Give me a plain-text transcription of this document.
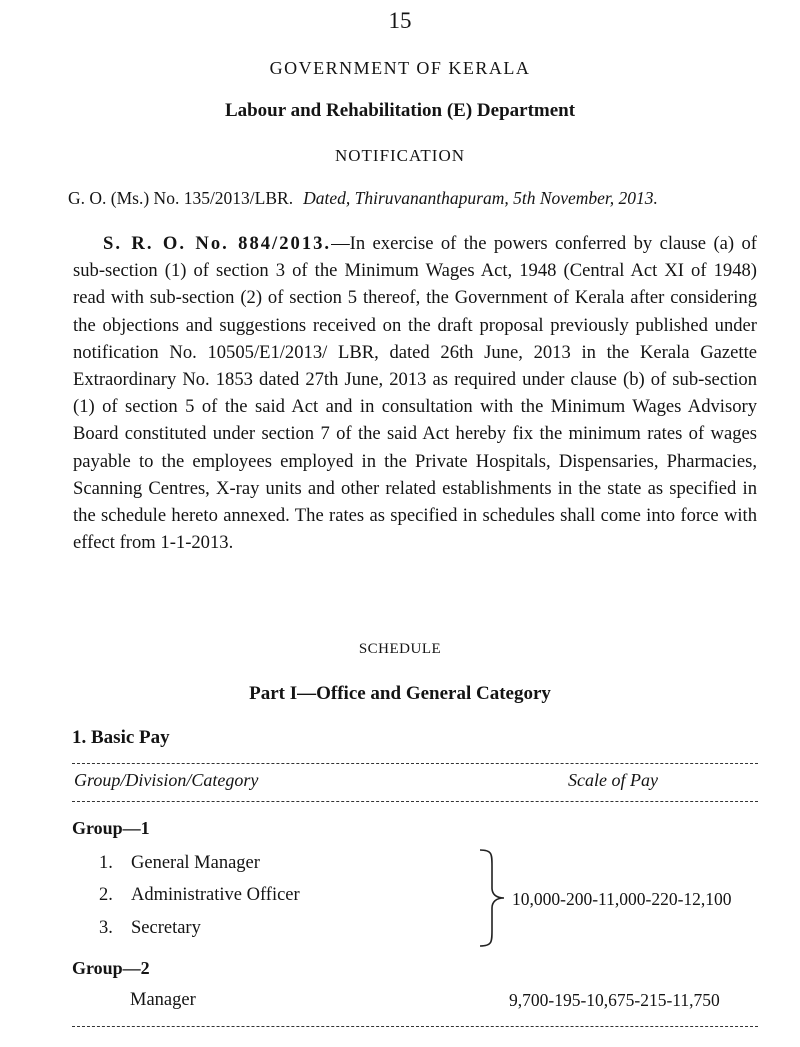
15
GOVERNMENT OF KERALA
Labour and Rehabilitation (E) Department
NOTIFICATION
G. O. (Ms.) No. 135/2013/LBR. Dated, Thiruvananthapuram, 5th November, 2013.

S. R. O. No. 884/2013.—In exercise of the powers conferred by clause (a) of sub-section (1) of section 3 of the Minimum Wages Act, 1948 (Central Act XI of 1948) read with sub-section (2) of section 5 thereof, the Government of Kerala after considering the objections and suggestions received on the draft proposal previously published under notification No. 10505/E1/2013/ LBR, dated 26th June, 2013 in the Kerala Gazette Extraordinary No. 1853 dated 27th June, 2013 as required under clause (b) of sub-section (1) of section 5 of the said Act and in consultation with the Minimum Wages Advisory Board constituted under section 7 of the said Act hereby fix the minimum rates of wages payable to the employees employed in the Private Hospitals, Dispensaries, Pharmacies, Scanning Centres, X-ray units and other related establishments in the state as specified in the schedule hereto annexed. The rates as specified in schedules shall come into force with effect from 1-1-2013.

SCHEDULE
Part I—Office and General Category
1. Basic Pay
Group/Division/Category	Scale of Pay
Group—1
1. General Manager
2. Administrative Officer
3. Secretary
10,000-200-11,000-220-12,100
Group—2
Manager	9,700-195-10,675-215-11,750
